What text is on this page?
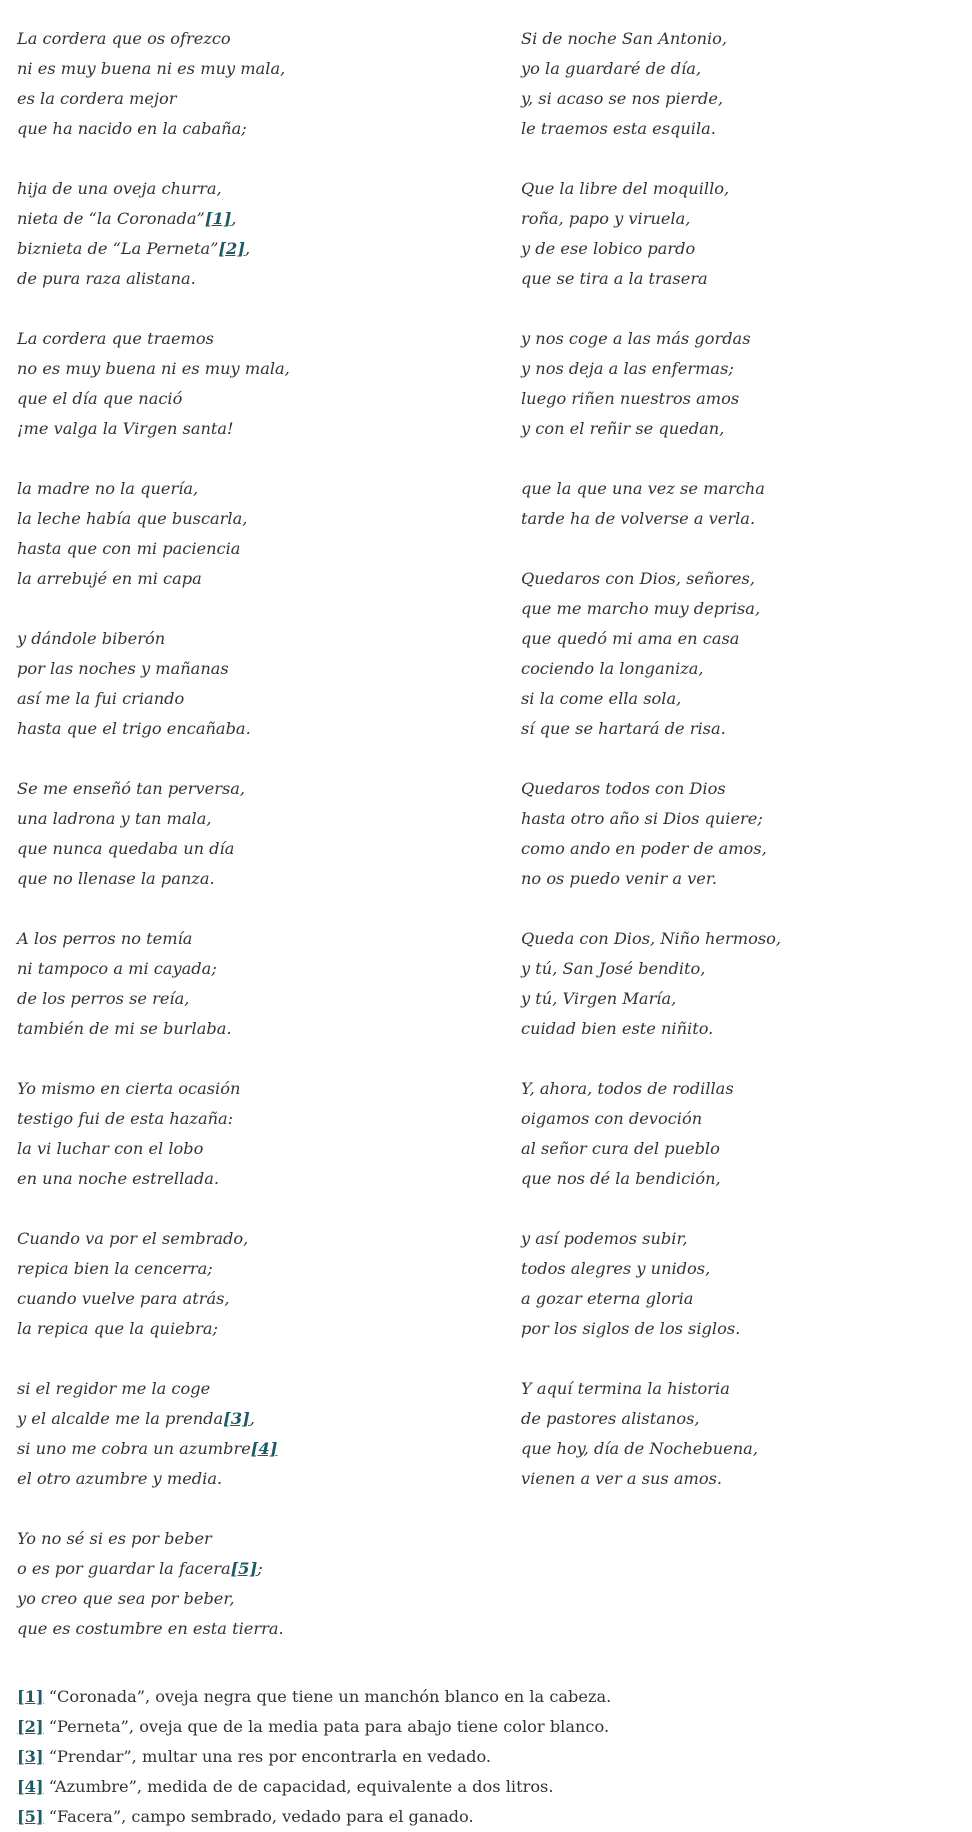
La cordera que os ofrezco
ni es muy buena ni es muy mala,
es la cordera mejor
que ha nacido en la cabaña;
hija de una oveja churra,
nieta de “la Coronada”[1],
biznieta de “La Perneta”[2],
de pura raza alistana.
La cordera que traemos
no es muy buena ni es muy mala,
que el día que nació
¡me valga la Virgen santa!
la madre no la quería,
la leche había que buscarla,
hasta que con mi paciencia
la arrebujé en mi capa
y dándole biberón
por las noches y mañanas
así me la fui criando
hasta que el trigo encañaba.
Se me enseñó tan perversa,
una ladrona y tan mala,
que nunca quedaba un día
que no llenase la panza.
A los perros no temía
ni tampoco a mi cayada;
de los perros se reía,
también de mi se burlaba.
Yo mismo en cierta ocasión
testigo fui de esta hazaña:
la vi luchar con el lobo
en una noche estrellada.
Cuando va por el sembrado,
repica bien la cencerra;
cuando vuelve para atrás,
la repica que la quiebra;
si el regidor me la coge
y el alcalde me la prenda[3],
si uno me cobra un azumbre[4]
el otro azumbre y media.
Yo no sé si es por beber
o es por guardar la facera[5];
yo creo que sea por beber,
que es costumbre en esta tierra.
Si de noche San Antonio,
yo la guardaré de día,
y, si acaso se nos pierde,
le traemos esta esquila.
Que la libre del moquillo,
roña, papo y viruela,
y de ese lobico pardo
que se tira a la trasera
y nos coge a las más gordas
y nos deja a las enfermas;
luego riñen nuestros amos
y con el reñir se quedan,
que la que una vez se marcha
tarde ha de volverse a verla.
Quedaros con Dios, señores,
que me marcho muy deprisa,
que quedó mi ama en casa
cociendo la longaniza,
si la come ella sola,
sí que se hartará de risa.
Quedaros todos con Dios
hasta otro año si Dios quiere;
como ando en poder de amos,
no os puedo venir a ver.
Queda con Dios, Niño hermoso,
y tú, San José bendito,
y tú, Virgen María,
cuidad bien este niñito.
Y, ahora, todos de rodillas
oigamos con devoción
al señor cura del pueblo
que nos dé la bendición,
y así podemos subir,
todos alegres y unidos,
a gozar eterna gloria
por los siglos de los siglos.
Y aquí termina la historia
de pastores alistanos,
que hoy, día de Nochebuena,
vienen a ver a sus amos.
[1] “Coronada”, oveja negra que tiene un manchón blanco en la cabeza.
[2] “Perneta”, oveja que de la media pata para abajo tiene color blanco.
[3] “Prendar”, multar una res por encontrarla en vedado.
[4] “Azumbre”, medida de de capacidad, equivalente a dos litros.
[5] “Facera”, campo sembrado, vedado para el ganado.
